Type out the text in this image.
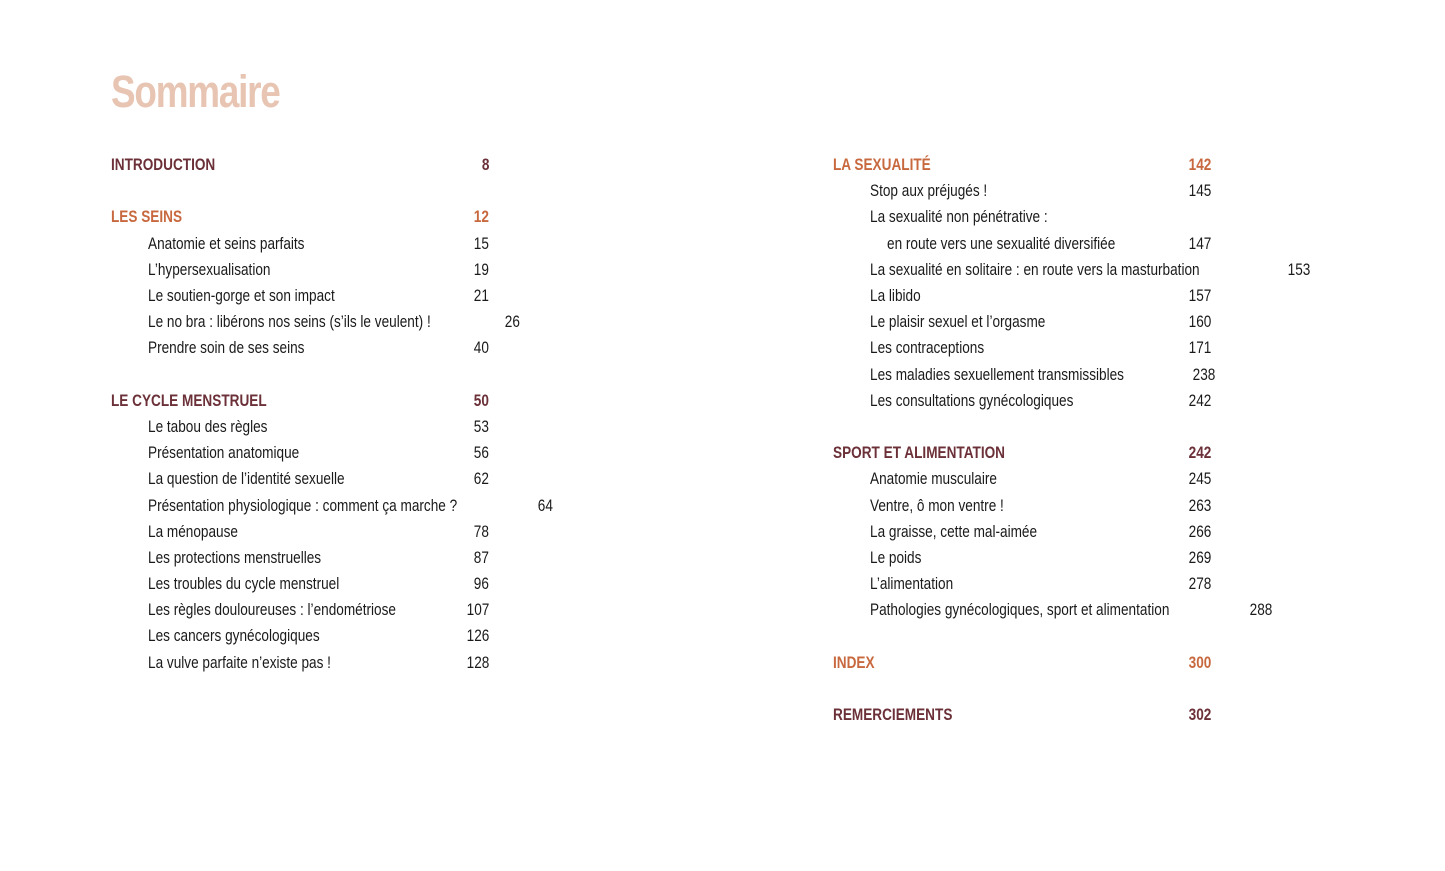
Sommaire
INTRODUCTION	8
LES SEINS	12
Anatomie et seins parfaits	15
L’hypersexualisation	19
Le soutien-gorge et son impact	21
Le no bra : libérons nos seins (s’ils le veulent) !	26
Prendre soin de ses seins	40
LE CYCLE MENSTRUEL	50
Le tabou des règles	53
Présentation anatomique	56
La question de l’identité sexuelle	62
Présentation physiologique : comment ça marche ?	64
La ménopause	78
Les protections menstruelles	87
Les troubles du cycle menstruel	96
Les règles douloureuses : l’endométriose	107
Les cancers gynécologiques	126
La vulve parfaite n’existe pas !	128
LA SEXUALITÉ	142
Stop aux préjugés !	145
La sexualité non pénétrative :
en route vers une sexualité diversifiée	147
La sexualité en solitaire : en route vers la masturbation	153
La libido	157
Le plaisir sexuel et l’orgasme	160
Les contraceptions	171
Les maladies sexuellement transmissibles	238
Les consultations gynécologiques	242
SPORT ET ALIMENTATION	242
Anatomie musculaire	245
Ventre, ô mon ventre !	263
La graisse, cette mal-aimée	266
Le poids	269
L’alimentation	278
Pathologies gynécologiques, sport et alimentation	288
INDEX	300
REMERCIEMENTS	302
